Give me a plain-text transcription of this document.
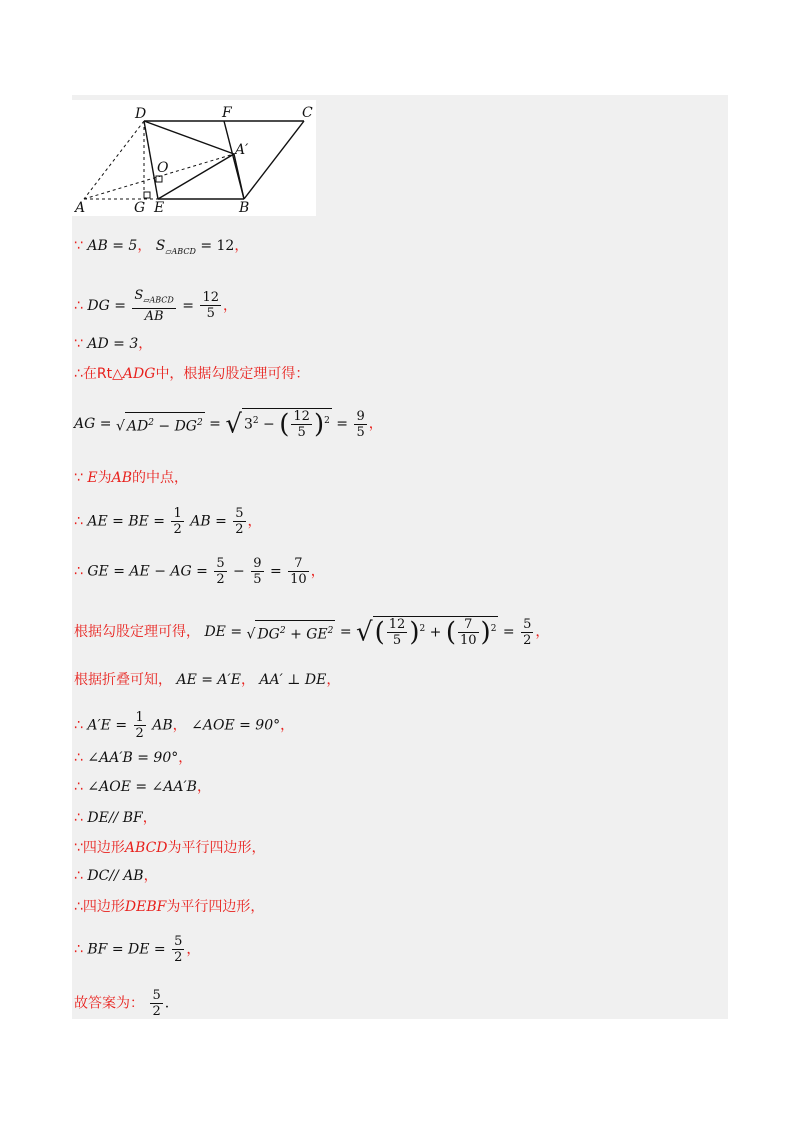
D	F	C
A′
O
A	G E	B
∵ AB = 5， $S_{▱ABCD} = 12$，
∴ DG = $\frac{S_{▱ABCD}}{AB} = \frac{12}{5}$ ，
∵ AD = 3，
∴在Rt△ADG中，根据勾股定理可得：
AG = √ $AD^2 - DG^2$ = √ $3^2$ − ( $\frac{12}{5} )^2 = \frac{9}{5}$ ，
∵ E为AB的中点，
∴ AE = BE = $\frac{1}{2}$ AB = $\frac{5}{2}$ ，
∴ GE = AE − AG = $\frac{5}{2} - \frac{9}{5} = \frac{7}{10}$ ，
根据勾股定理可得， DE = √ $DG^2 + GE^2$ = √( $\frac{12}{5} )^2$ + ( $\frac{7}{10} )^2 = \frac{5}{2}$ ，
根据折叠可知， AE = A′E， AA′ ⊥ DE，
∴ $A'E = \frac{1}{2}$ AB， ∠AOE = 90°，
∴ ∠AA′B = 90°，
∴ ∠AOE = ∠AA′B，
∴ DE// BF，
∵四边形ABCD为平行四边形，
∴ DC// AB，
∴四边形DEBF为平行四边形，
∴ BF = DE = $\frac{5}{2}$ ，
故答案为： $\frac{5}{2}$ .
